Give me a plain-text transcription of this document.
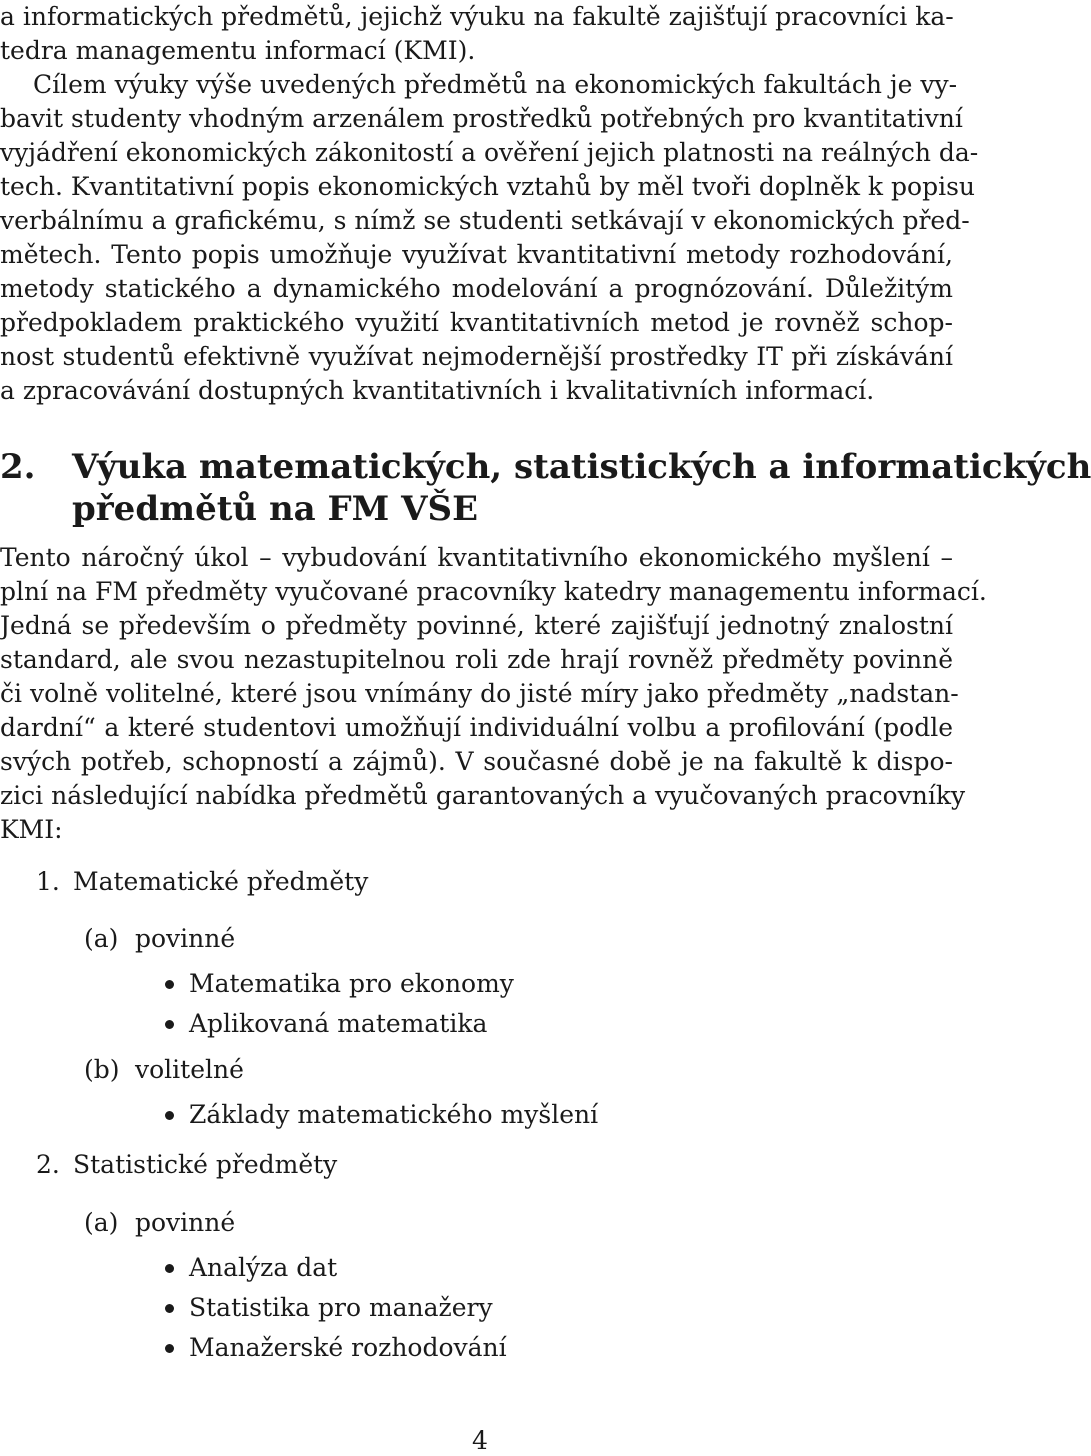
a informatických předmětů, jejichž výuku na fakultě zajišťují pracovníci ka-

tedra managementu informací (KMI).

Cílem výuky výše uvedených předmětů na ekonomických fakultách je vy-

bavit studenty vhodným arzenálem prostředků potřebných pro kvantitativní

vyjádření ekonomických zákonitostí a ověření jejich platnosti na reálných da-

tech. Kvantitativní popis ekonomických vztahů by měl tvoři doplněk k popisu

verbálnímu a grafickému, s nímž se studenti setkávají v ekonomických před-

mětech. Tento popis umožňuje využívat kvantitativní metody rozhodování,

metody statického a dynamického modelování a prognózování. Důležitým

předpokladem praktického využití kvantitativních metod je rovněž schop-

nost studentů efektivně využívat nejmodernější prostředky IT při získávání

a zpracovávání dostupných kvantitativních i kvalitativních informací.

2. Výuka matematických, statistických a informatických
předmětů na FM VŠE

Tento náročný úkol – vybudování kvantitativního ekonomického myšlení –

plní na FM předměty vyučované pracovníky katedry managementu informací.

Jedná se především o předměty povinné, které zajišťují jednotný znalostní

standard, ale svou nezastupitelnou roli zde hrají rovněž předměty povinně

či volně volitelné, které jsou vnímány do jisté míry jako předměty „nadstan-

dardní“ a které studentovi umožňují individuální volbu a profilování (podle

svých potřeb, schopností a zájmů). V současné době je na fakultě k dispo-

zici následující nabídka předmětů garantovaných a vyučovaných pracovníky

KMI:

1. Matematické předměty
(a) povinné
Matematika pro ekonomy
Aplikovaná matematika
(b) volitelné
Základy matematického myšlení
2. Statistické předměty
(a) povinné
Analýza dat
Statistika pro manažery
Manažerské rozhodování
4
